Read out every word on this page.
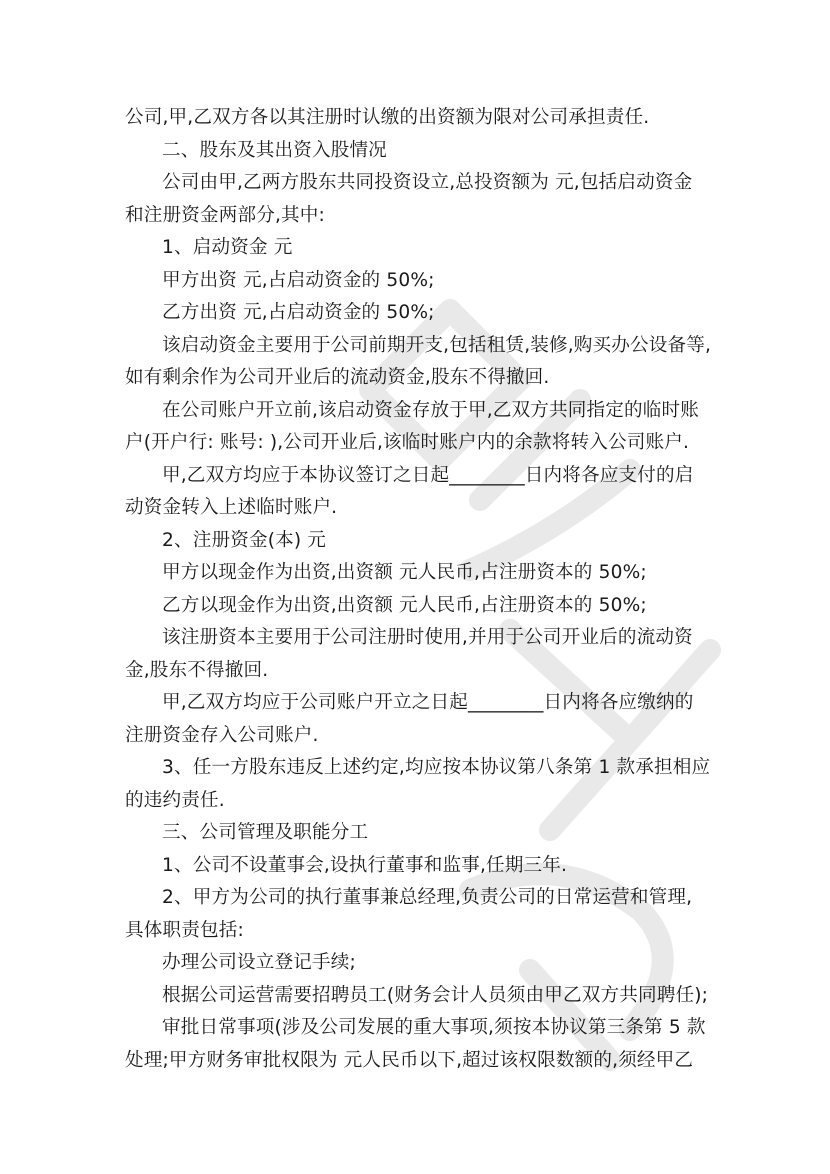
公司,甲,乙双方各以其注册时认缴的出资额为限对公司承担责任.
二、股东及其出资入股情况
公司由甲,乙两方股东共同投资设立,总投资额为 元,包括启动资金
和注册资金两部分,其中:
1、启动资金 元
甲方出资 元,占启动资金的 50%;
乙方出资 元,占启动资金的 50%;
该启动资金主要用于公司前期开支,包括租赁,装修,购买办公设备等,
如有剩余作为公司开业后的流动资金,股东不得撤回.
在公司账户开立前,该启动资金存放于甲,乙双方共同指定的临时账
户(开户行: 账号: ),公司开业后,该临时账户内的余款将转入公司账户.
甲,乙双方均应于本协议签订之日起________日内将各应支付的启
动资金转入上述临时账户.
2、注册资金(本) 元
甲方以现金作为出资,出资额 元人民币,占注册资本的 50%;
乙方以现金作为出资,出资额 元人民币,占注册资本的 50%;
该注册资本主要用于公司注册时使用,并用于公司开业后的流动资
金,股东不得撤回.
甲,乙双方均应于公司账户开立之日起________日内将各应缴纳的
注册资金存入公司账户.
3、任一方股东违反上述约定,均应按本协议第八条第 1 款承担相应
的违约责任.
三、公司管理及职能分工
1、公司不设董事会,设执行董事和监事,任期三年.
2、甲方为公司的执行董事兼总经理,负责公司的日常运营和管理,
具体职责包括:
办理公司设立登记手续;
根据公司运营需要招聘员工(财务会计人员须由甲乙双方共同聘任);
审批日常事项(涉及公司发展的重大事项,须按本协议第三条第 5 款
处理;甲方财务审批权限为 元人民币以下,超过该权限数额的,须经甲乙
